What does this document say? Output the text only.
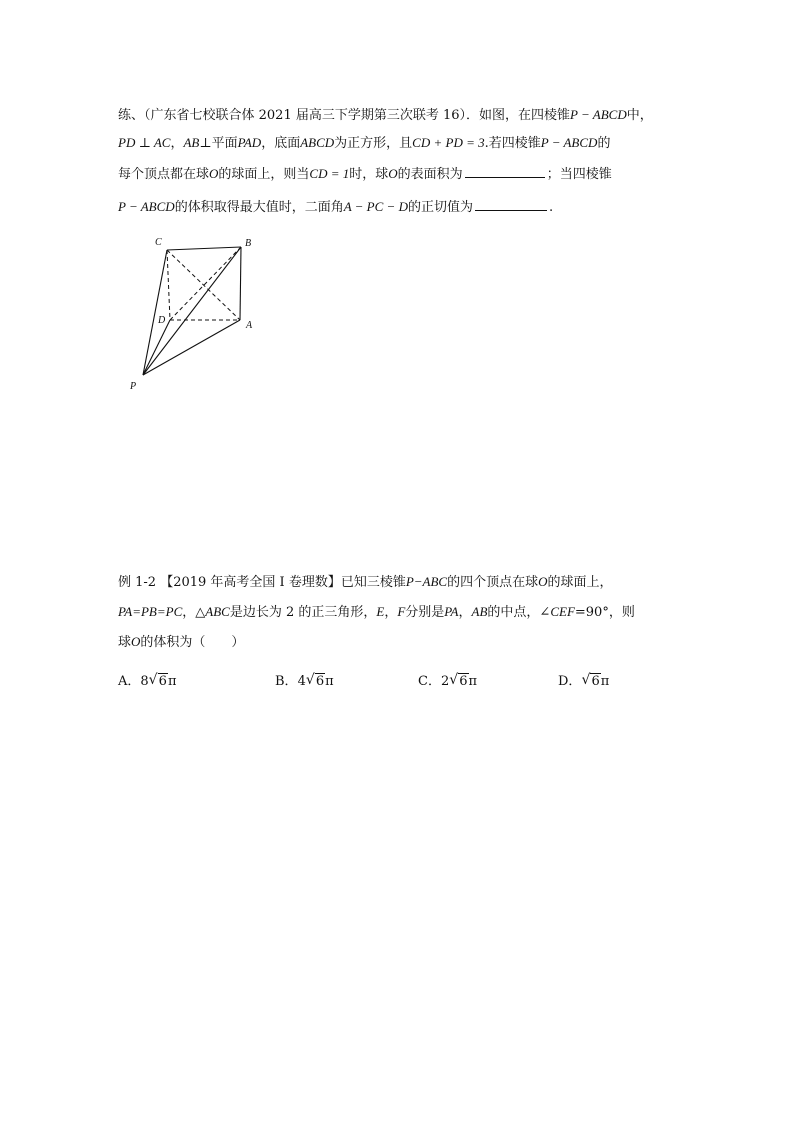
练、（广东省七校联合体 2021 届高三下学期第三次联考 16）．如图，在四棱锥P − ABCD中，
PD ⊥ AC，AB⊥平面PAD，底面ABCD为正方形，且CD + PD = 3.若四棱锥P − ABCD的
每个顶点都在球O的球面上，则当CD = 1时，球O的表面积为	；当四棱锥
P − ABCD的体积取得最大值时，二面角A − PC − D的正切值为	.
C	B
D	A
P
例 1-2 【2019 年高考全国 I 卷理数】已知三棱锥P−ABC的四个顶点在球O的球面上，
PA=PB=PC，△ABC是边长为 2 的正三角形，E，F分别是PA，AB的中点，∠CEF=90°，则
球O的体积为（　　）
A．8 √ 6π	B．4 √ 6π	C．2 √ 6π	D． √ 6π
